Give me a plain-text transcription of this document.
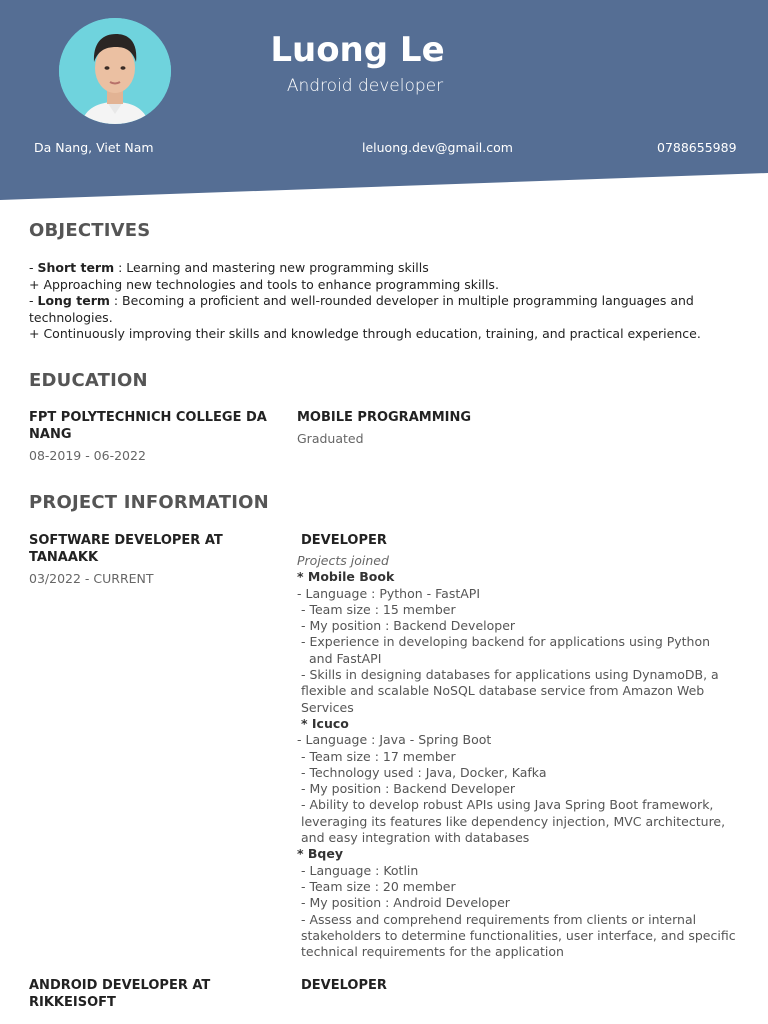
Luong Le
Android developer
Da Nang, Viet Nam	leluong.dev@gmail.com	0788655989
OBJECTIVES
- Short term : Learning and mastering new programming skills
+ Approaching new technologies and tools to enhance programming skills.
- Long term : Becoming a proficient and well-rounded developer in multiple programming languages and technologies.
+ Continuously improving their skills and knowledge through education, training, and practical experience.
EDUCATION
FPT POLYTECHNICH COLLEGE DA NANG
08-2019 - 06-2022
MOBILE PROGRAMMING
Graduated
PROJECT INFORMATION
SOFTWARE DEVELOPER AT TANAAKK
03/2022 - CURRENT
DEVELOPER
Projects joined
* Mobile Book
- Language : Python - FastAPI
- Team size : 15 member
- My position : Backend Developer
- Experience in developing backend for applications using Python and FastAPI
- Skills in designing databases for applications using DynamoDB, a flexible and scalable NoSQL database service from Amazon Web Services
* Icuco
- Language : Java - Spring Boot
- Team size : 17 member
- Technology used : Java, Docker, Kafka
- My position : Backend Developer
- Ability to develop robust APIs using Java Spring Boot framework, leveraging its features like dependency injection, MVC architecture, and easy integration with databases
* Bqey
- Language : Kotlin
- Team size : 20 member
- My position : Android Developer
- Assess and comprehend requirements from clients or internal stakeholders to determine functionalities, user interface, and specific technical requirements for the application
ANDROID DEVELOPER AT RIKKEISOFT
DEVELOPER
